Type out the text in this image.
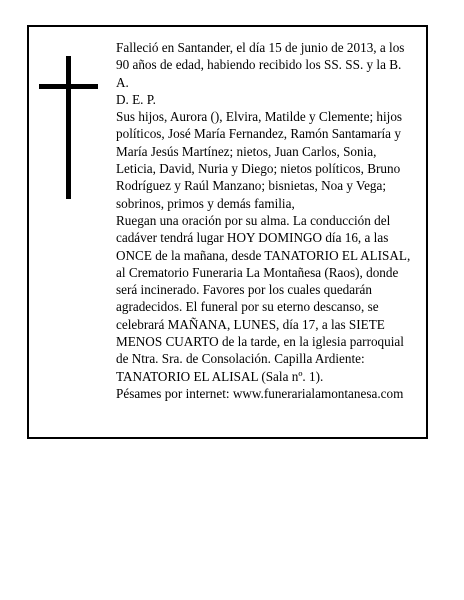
Falleció en Santander, el día 15 de junio de 2013, a los 90 años de edad, habiendo recibido los SS. SS. y la B. A.

D. E. P.

Sus hijos, Aurora (), Elvira, Matilde y Clemente; hijos políticos, José María Fernandez, Ramón Santamaría y María Jesús Martínez; nietos, Juan Carlos, Sonia, Leticia, David, Nuria y Diego; nietos políticos, Bruno Rodríguez y Raúl Manzano; bisnietas, Noa y Vega; sobrinos, primos y demás familia,

Ruegan una oración por su alma. La conducción del cadáver tendrá lugar HOY DOMINGO día 16, a las ONCE de la mañana, desde TANATORIO EL ALISAL, al Crematorio Funeraria La Montañesa (Raos), donde será incinerado. Favores por los cuales quedarán agradecidos. El funeral por su eterno descanso, se celebrará MAÑANA, LUNES, día 17, a las SIETE MENOS CUARTO de la tarde, en la iglesia parroquial de Ntra. Sra. de Consolación. Capilla Ardiente: TANATORIO EL ALISAL (Sala nº. 1).

Pésames por internet: www.funerarialamontanesa.com
